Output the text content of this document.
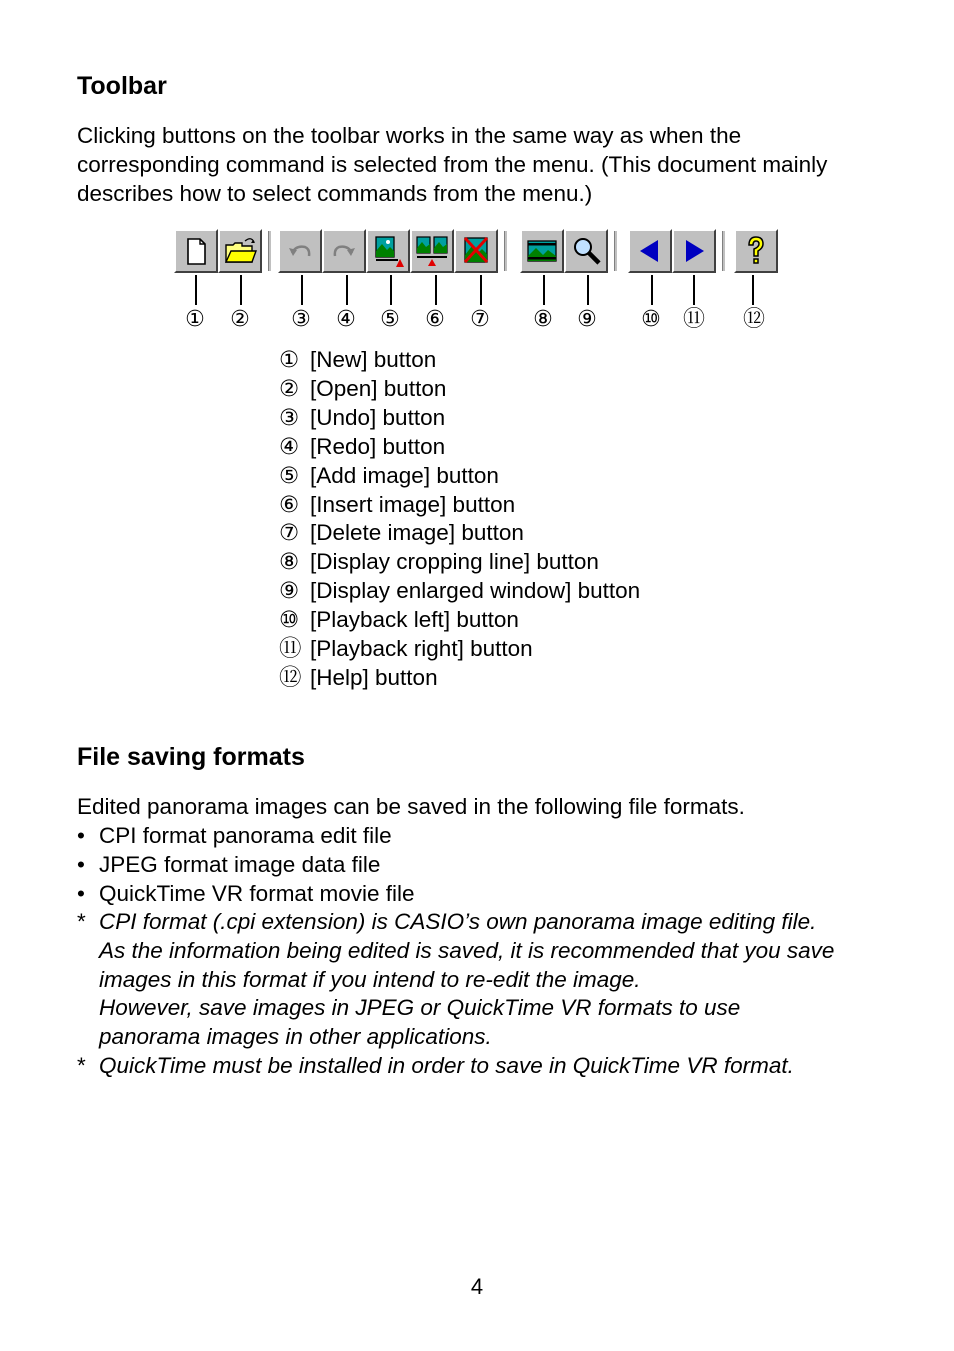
Toolbar
Clicking buttons on the toolbar works in the same way as when the
corresponding command is selected from the menu. (This document mainly
describes how to select commands from the menu.)
① ② ③ ④ ⑤ ⑥ ⑦ ⑧ ⑨ ⑩ ⑪ ⑫
① [New] button
② [Open] button
③ [Undo] button
④ [Redo] button
⑤ [Add image] button
⑥ [Insert image] button
⑦ [Delete image] button
⑧ [Display cropping line] button
⑨ [Display enlarged window] button
⑩ [Playback left] button
⑪ [Playback right] button
⑫ [Help] button
File saving formats

Edited panorama images can be saved in the following file formats.

• CPI format panorama edit file
• JPEG format image data file
• QuickTime VR format movie file
* CPI format (.cpi extension) is CASIO’s own panorama image editing file.
As the information being edited is saved, it is recommended that you save
images in this format if you intend to re-edit the image.
However, save images in JPEG or QuickTime VR formats to use
panorama images in other applications.
* QuickTime must be installed in order to save in QuickTime VR format.
4
